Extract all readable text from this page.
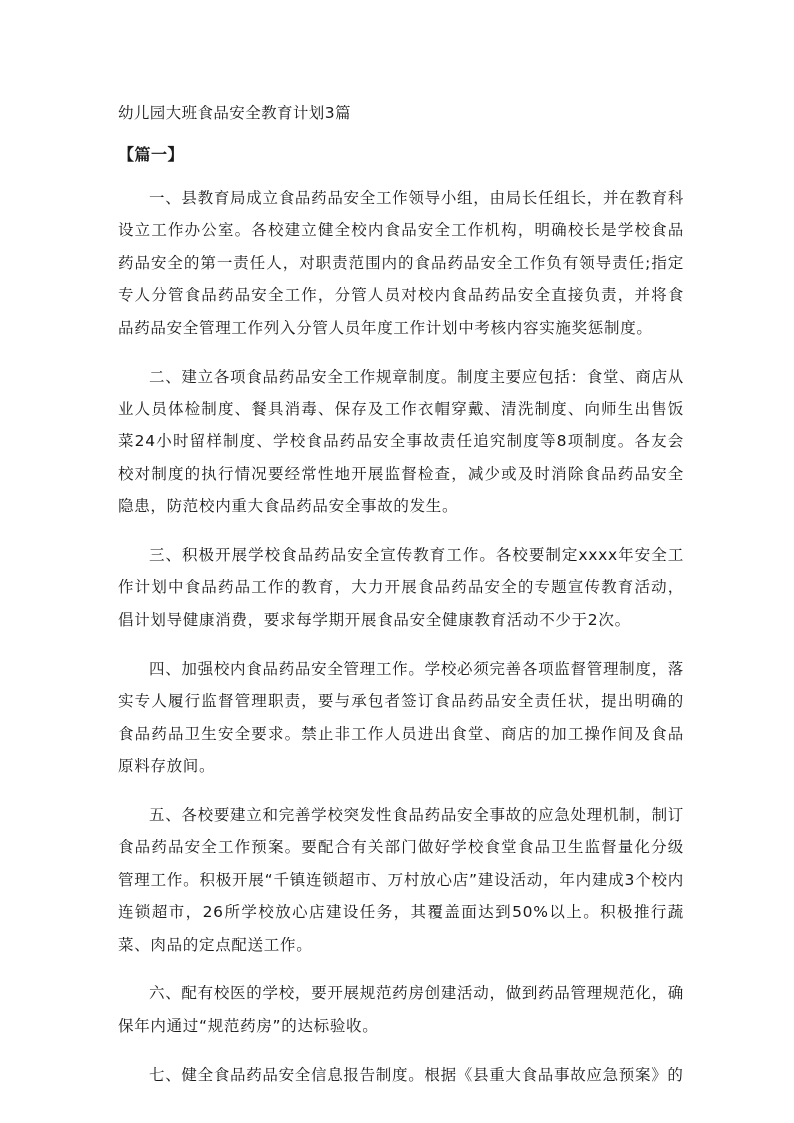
幼儿园大班食品安全教育计划3篇
【篇一】

一、县教育局成立食品药品安全工作领导小组，由局长任组长，并在教育科设立工作办公室。各校建立健全校内食品安全工作机构，明确校长是学校食品药品安全的第一责任人，对职责范围内的食品药品安全工作负有领导责任;指定专人分管食品药品安全工作，分管人员对校内食品药品安全直接负责，并将食品药品安全管理工作列入分管人员年度工作计划中考核内容实施奖惩制度。

二、建立各项食品药品安全工作规章制度。制度主要应包括：食堂、商店从业人员体检制度、餐具消毒、保存及工作衣帽穿戴、清洗制度、向师生出售饭菜24小时留样制度、学校食品药品安全事故责任追究制度等8项制度。各友会校对制度的执行情况要经常性地开展监督检查，减少或及时消除食品药品安全隐患，防范校内重大食品药品安全事故的发生。

三、积极开展学校食品药品安全宣传教育工作。各校要制定xxxx年安全工作计划中食品药品工作的教育，大力开展食品药品安全的专题宣传教育活动，倡计划导健康消费，要求每学期开展食品安全健康教育活动不少于2次。

四、加强校内食品药品安全管理工作。学校必须完善各项监督管理制度，落实专人履行监督管理职责，要与承包者签订食品药品安全责任状，提出明确的食品药品卫生安全要求。禁止非工作人员进出食堂、商店的加工操作间及食品原料存放间。

五、各校要建立和完善学校突发性食品药品安全事故的应急处理机制，制订食品药品安全工作预案。要配合有关部门做好学校食堂食品卫生监督量化分级管理工作。积极开展“千镇连锁超市、万村放心店”建设活动，年内建成3个校内连锁超市，26所学校放心店建设任务，其覆盖面达到50%以上。积极推行蔬菜、肉品的定点配送工作。

六、配有校医的学校，要开展规范药房创建活动，做到药品管理规范化，确保年内通过“规范药房”的达标验收。

七、健全食品药品安全信息报告制度。根据《县重大食品事故应急预案》的
